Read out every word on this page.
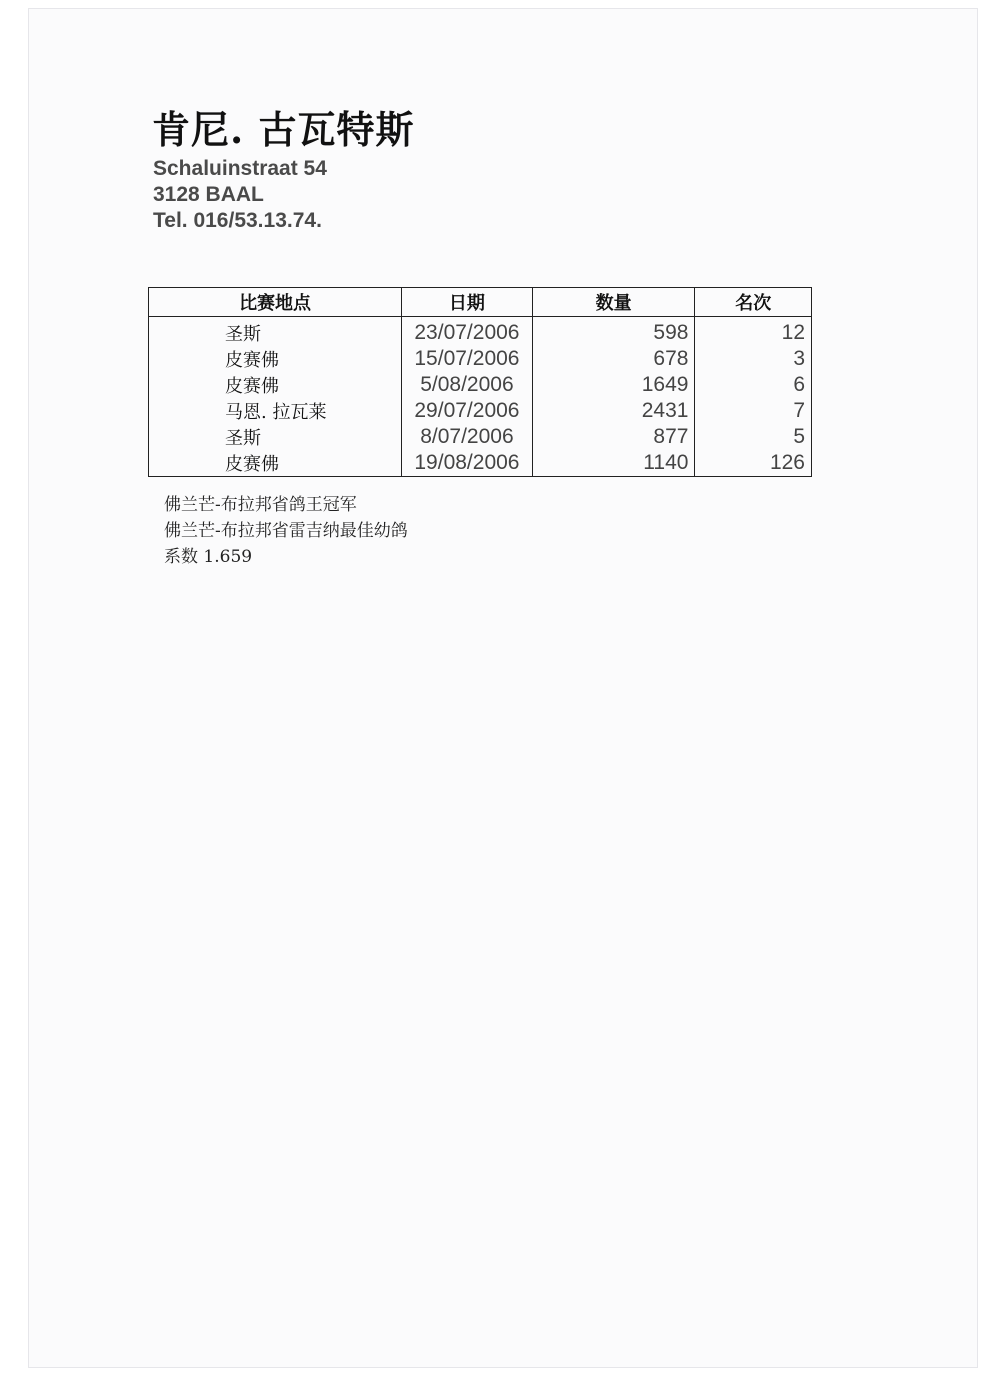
肯尼. 古瓦特斯
Schaluinstraat 54
3128 BAAL
Tel. 016/53.13.74.
比赛地点	日期	数量	名次
圣斯	23/07/2006	598	12
皮赛佛	15/07/2006	678	3
皮赛佛	5/08/2006	1649	6
马恩. 拉瓦莱	29/07/2006	2431	7
圣斯	8/07/2006	877	5
皮赛佛	19/08/2006	1140	126
佛兰芒-布拉邦省鸽王冠军
佛兰芒-布拉邦省雷吉纳最佳幼鸽
系数 1.659
